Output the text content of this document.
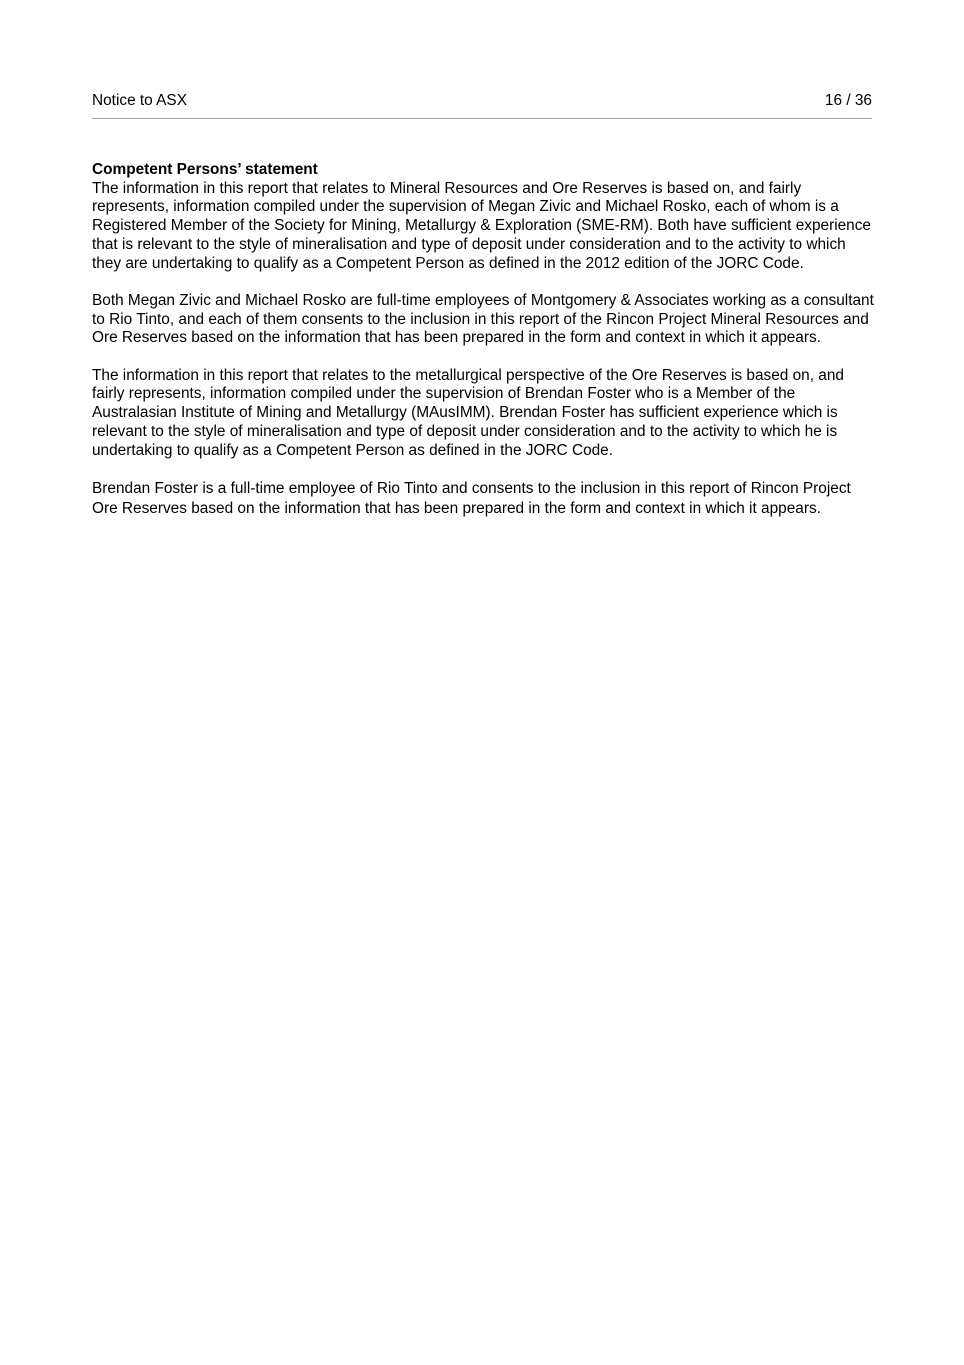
Notice to ASX	16 / 36

Competent Persons’ statement

The information in this report that relates to Mineral Resources and Ore Reserves is based on, and fairly represents, information compiled under the supervision of Megan Zivic and Michael Rosko, each of whom is a Registered Member of the Society for Mining, Metallurgy & Exploration (SME-RM). Both have sufficient experience that is relevant to the style of mineralisation and type of deposit under consideration and to the activity to which they are undertaking to qualify as a Competent Person as defined in the 2012 edition of the JORC Code.

Both Megan Zivic and Michael Rosko are full-time employees of Montgomery & Associates working as a consultant to Rio Tinto, and each of them consents to the inclusion in this report of the Rincon Project Mineral Resources and Ore Reserves based on the information that has been prepared in the form and context in which it appears.

The information in this report that relates to the metallurgical perspective of the Ore Reserves is based on, and fairly represents, information compiled under the supervision of Brendan Foster who is a Member of the Australasian Institute of Mining and Metallurgy (MAusIMM). Brendan Foster has sufficient experience which is relevant to the style of mineralisation and type of deposit under consideration and to the activity to which he is undertaking to qualify as a Competent Person as defined in the JORC Code.

Brendan Foster is a full-time employee of Rio Tinto and consents to the inclusion in this report of Rincon Project Ore Reserves based on the information that has been prepared in the form and context in which it appears.
